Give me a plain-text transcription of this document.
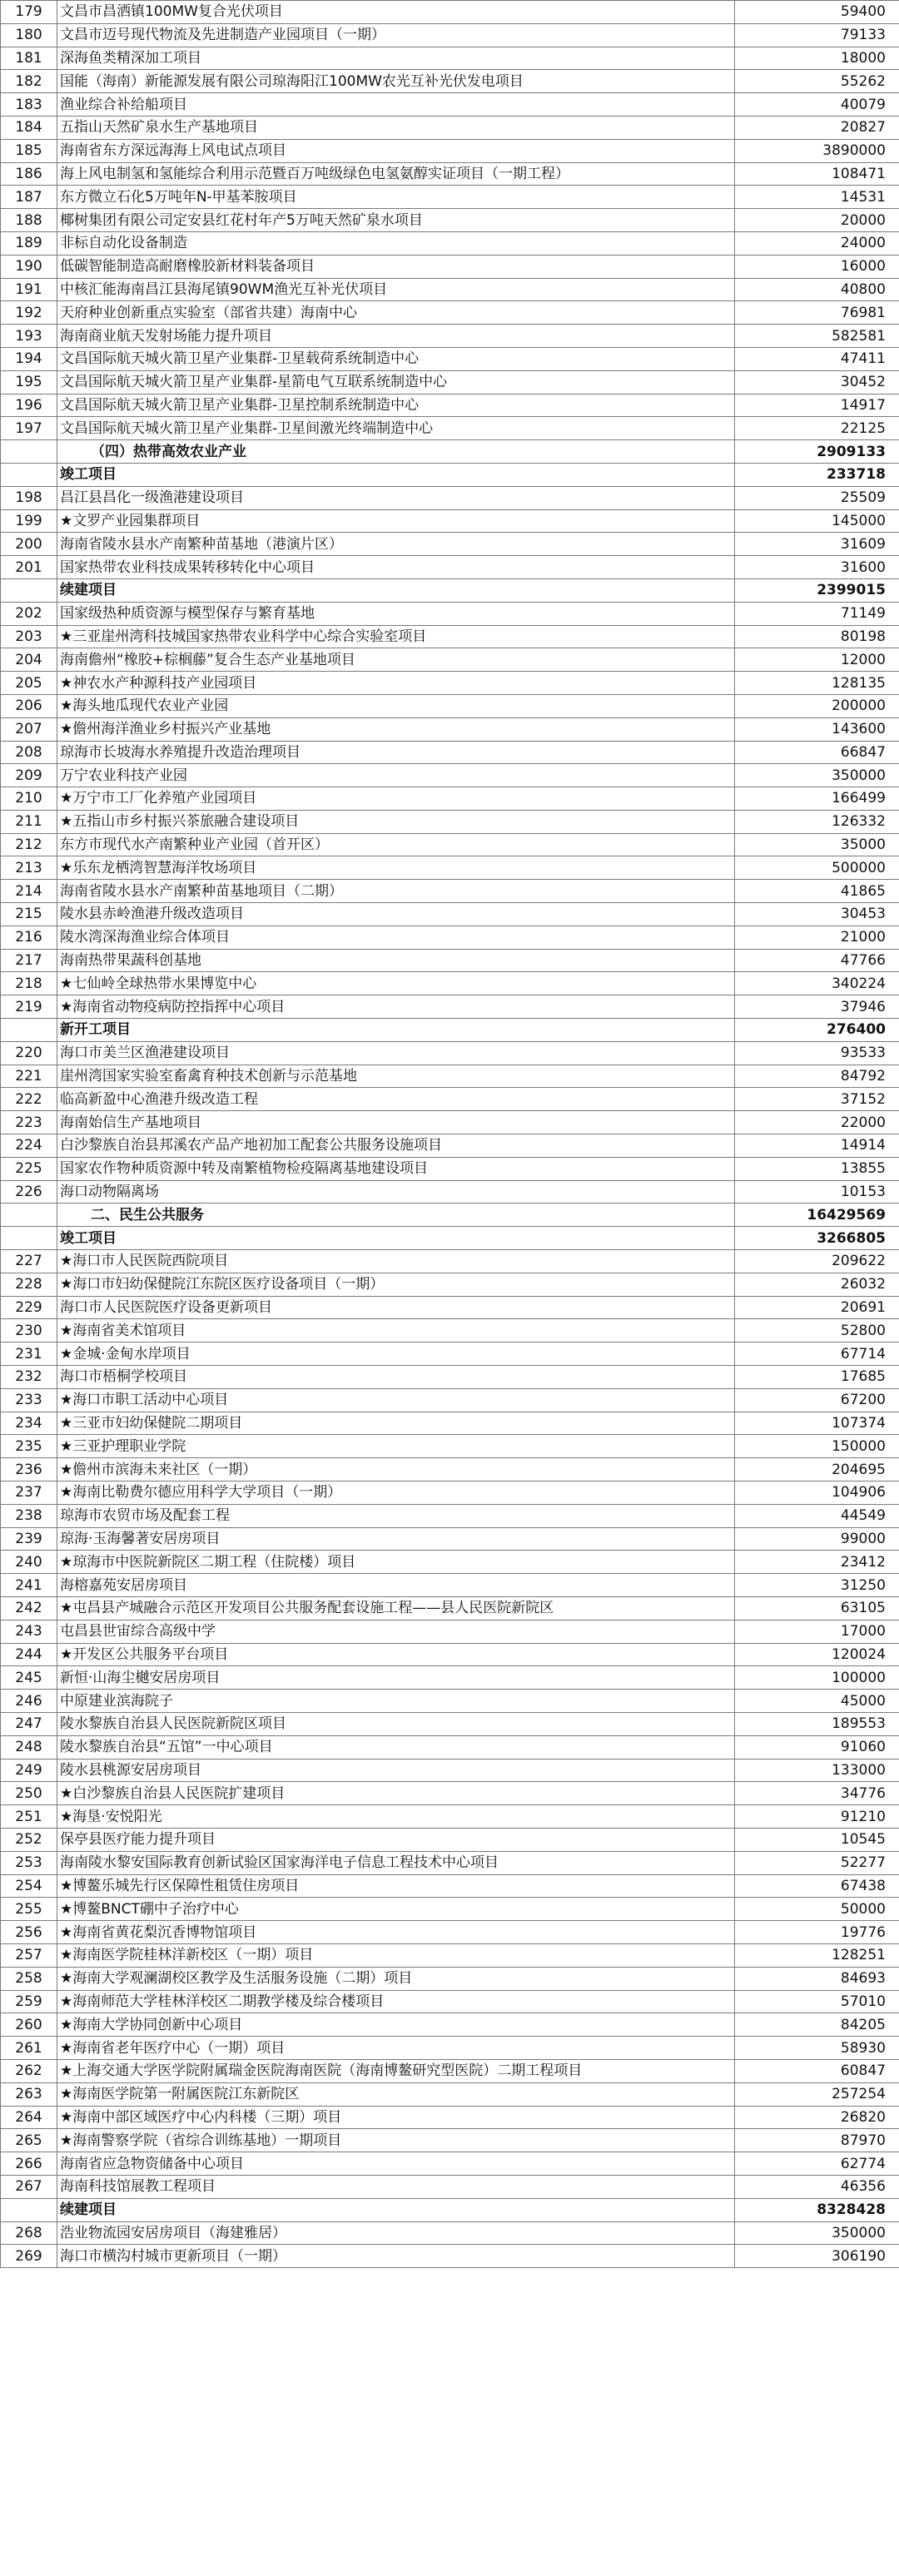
179	文昌市昌洒镇100MW复合光伏项目	59400
180	文昌市迈号现代物流及先进制造产业园项目（一期）	79133
181	深海鱼类精深加工项目	18000
182	国能（海南）新能源发展有限公司琼海阳江100MW农光互补光伏发电项目	55262
183	渔业综合补给船项目	40079
184	五指山天然矿泉水生产基地项目	20827
185	海南省东方深远海海上风电试点项目	3890000
186	海上风电制氢和氢能综合利用示范暨百万吨级绿色电氢氨醇实证项目（一期工程）	108471
187	东方微立石化5万吨年N-甲基苯胺项目	14531
188	椰树集团有限公司定安县红花村年产5万吨天然矿泉水项目	20000
189	非标自动化设备制造	24000
190	低碳智能制造高耐磨橡胶新材料装备项目	16000
191	中核汇能海南昌江县海尾镇90WM渔光互补光伏项目	40800
192	天府种业创新重点实验室（部省共建）海南中心	76981
193	海南商业航天发射场能力提升项目	582581
194	文昌国际航天城火箭卫星产业集群-卫星载荷系统制造中心	47411
195	文昌国际航天城火箭卫星产业集群-星箭电气互联系统制造中心	30452
196	文昌国际航天城火箭卫星产业集群-卫星控制系统制造中心	14917
197	文昌国际航天城火箭卫星产业集群-卫星间激光终端制造中心	22125
	（四）热带高效农业产业	2909133
	竣工项目	233718
198	昌江县昌化一级渔港建设项目	25509
199	★文罗产业园集群项目	145000
200	海南省陵水县水产南繁种苗基地（港演片区）	31609
201	国家热带农业科技成果转移转化中心项目	31600
	续建项目	2399015
202	国家级热种质资源与模型保存与繁育基地	71149
203	★三亚崖州湾科技城国家热带农业科学中心综合实验室项目	80198
204	海南儋州“橡胶+棕榈藤”复合生态产业基地项目	12000
205	★神农水产种源科技产业园项目	128135
206	★海头地瓜现代农业产业园	200000
207	★儋州海洋渔业乡村振兴产业基地	143600
208	琼海市长坡海水养殖提升改造治理项目	66847
209	万宁农业科技产业园	350000
210	★万宁市工厂化养殖产业园项目	166499
211	★五指山市乡村振兴茶旅融合建设项目	126332
212	东方市现代水产南繁种业产业园（首开区）	35000
213	★乐东龙栖湾智慧海洋牧场项目	500000
214	海南省陵水县水产南繁种苗基地项目（二期）	41865
215	陵水县赤岭渔港升级改造项目	30453
216	陵水湾深海渔业综合体项目	21000
217	海南热带果蔬科创基地	47766
218	★七仙岭全球热带水果博览中心	340224
219	★海南省动物疫病防控指挥中心项目	37946
	新开工项目	276400
220	海口市美兰区渔港建设项目	93533
221	崖州湾国家实验室畜禽育种技术创新与示范基地	84792
222	临高新盈中心渔港升级改造工程	37152
223	海南始信生产基地项目	22000
224	白沙黎族自治县邦溪农产品产地初加工配套公共服务设施项目	14914
225	国家农作物种质资源中转及南繁植物检疫隔离基地建设项目	13855
226	海口动物隔离场	10153
	二、民生公共服务	16429569
	竣工项目	3266805
227	★海口市人民医院西院项目	209622
228	★海口市妇幼保健院江东院区医疗设备项目（一期）	26032
229	海口市人民医院医疗设备更新项目	20691
230	★海南省美术馆项目	52800
231	★金城·金甸水岸项目	67714
232	海口市梧桐学校项目	17685
233	★海口市职工活动中心项目	67200
234	★三亚市妇幼保健院二期项目	107374
235	★三亚护理职业学院	150000
236	★儋州市滨海未来社区（一期）	204695
237	★海南比勒费尔德应用科学大学项目（一期）	104906
238	琼海市农贸市场及配套工程	44549
239	琼海·玉海馨著安居房项目	99000
240	★琼海市中医院新院区二期工程（住院楼）项目	23412
241	海榕嘉苑安居房项目	31250
242	★屯昌县产城融合示范区开发项目公共服务配套设施工程——县人民医院新院区	63105
243	屯昌县世宙综合高级中学	17000
244	★开发区公共服务平台项目	120024
245	新恒·山海尘樾安居房项目	100000
246	中原建业滨海院子	45000
247	陵水黎族自治县人民医院新院区项目	189553
248	陵水黎族自治县“五馆”一中心项目	91060
249	陵水县桃源安居房项目	133000
250	★白沙黎族自治县人民医院扩建项目	34776
251	★海垦·安悦阳光	91210
252	保亭县医疗能力提升项目	10545
253	海南陵水黎安国际教育创新试验区国家海洋电子信息工程技术中心项目	52277
254	★博鳌乐城先行区保障性租赁住房项目	67438
255	★博鳌BNCT硼中子治疗中心	50000
256	★海南省黄花梨沉香博物馆项目	19776
257	★海南医学院桂林洋新校区（一期）项目	128251
258	★海南大学观澜湖校区教学及生活服务设施（二期）项目	84693
259	★海南师范大学桂林洋校区二期教学楼及综合楼项目	57010
260	★海南大学协同创新中心项目	84205
261	★海南省老年医疗中心（一期）项目	58930
262	★上海交通大学医学院附属瑞金医院海南医院（海南博鳌研究型医院）二期工程项目	60847
263	★海南医学院第一附属医院江东新院区	257254
264	★海南中部区域医疗中心内科楼（三期）项目	26820
265	★海南警察学院（省综合训练基地）一期项目	87970
266	海南省应急物资储备中心项目	62774
267	海南科技馆展教工程项目	46356
	续建项目	8328428
268	浩业物流园安居房项目（海建雅居）	350000
269	海口市横沟村城市更新项目（一期）	306190
